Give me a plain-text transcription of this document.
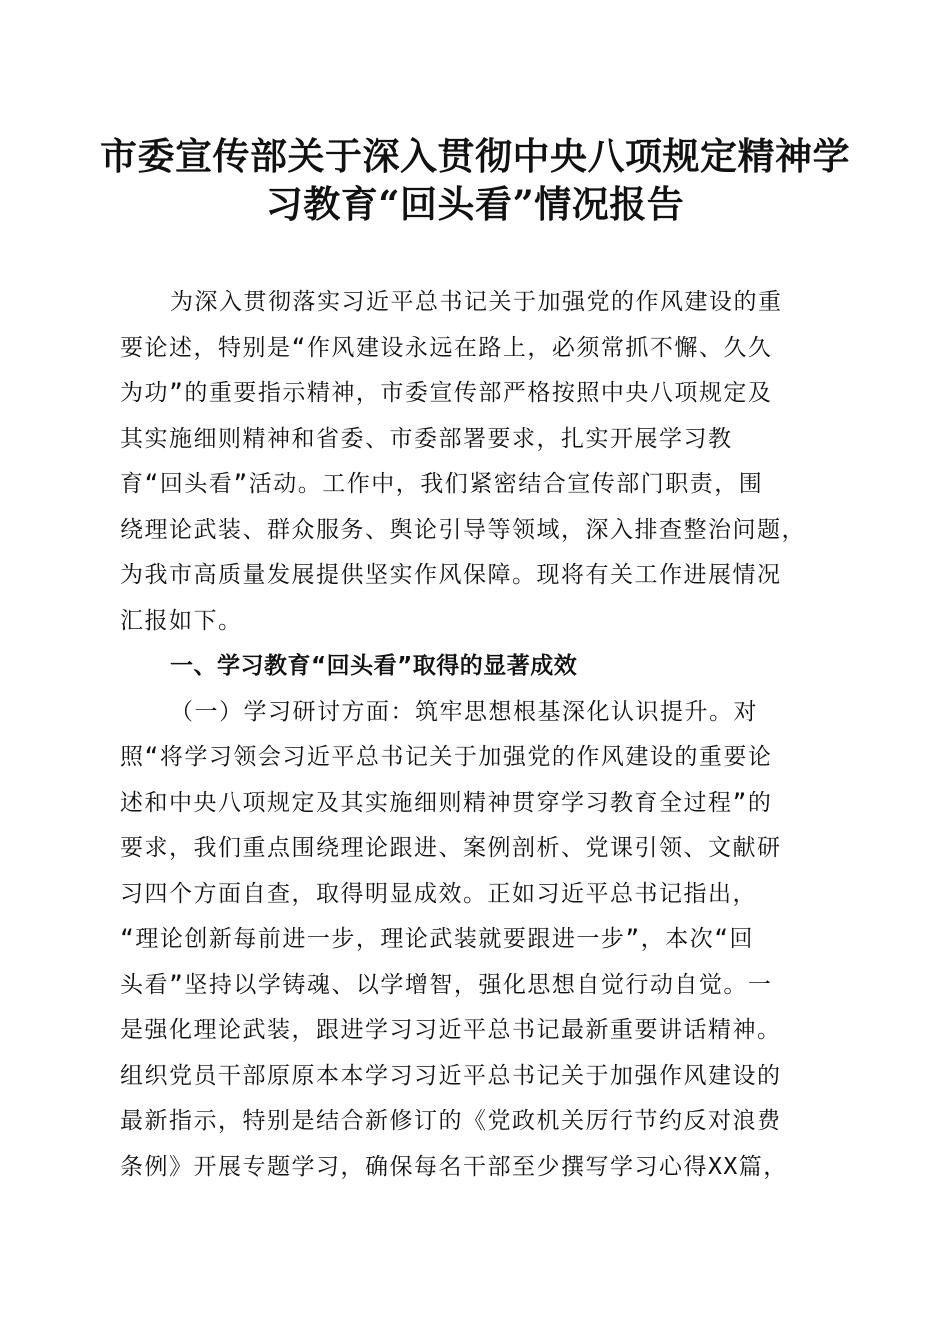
市委宣传部关于深入贯彻中央八项规定精神学
习教育“回头看”情况报告
为深入贯彻落实习近平总书记关于加强党的作风建设的重
要论述，特别是“作风建设永远在路上，必须常抓不懈、久久
为功”的重要指示精神，市委宣传部严格按照中央八项规定及
其实施细则精神和省委、市委部署要求，扎实开展学习教
育“回头看”活动。工作中，我们紧密结合宣传部门职责，围
绕理论武装、群众服务、舆论引导等领域，深入排查整治问题，
为我市高质量发展提供坚实作风保障。现将有关工作进展情况
汇报如下。
一、学习教育“回头看”取得的显著成效
（一）学习研讨方面：筑牢思想根基深化认识提升。对
照“将学习领会习近平总书记关于加强党的作风建设的重要论
述和中央八项规定及其实施细则精神贯穿学习教育全过程”的
要求，我们重点围绕理论跟进、案例剖析、党课引领、文献研
习四个方面自查，取得明显成效。正如习近平总书记指出，
“理论创新每前进一步，理论武装就要跟进一步”，本次“回
头看”坚持以学铸魂、以学增智，强化思想自觉行动自觉。一
是强化理论武装，跟进学习习近平总书记最新重要讲话精神。
组织党员干部原原本本学习习近平总书记关于加强作风建设的
最新指示，特别是结合新修订的《党政机关厉行节约反对浪费
条例》开展专题学习，确保每名干部至少撰写学习心得XX篇，
